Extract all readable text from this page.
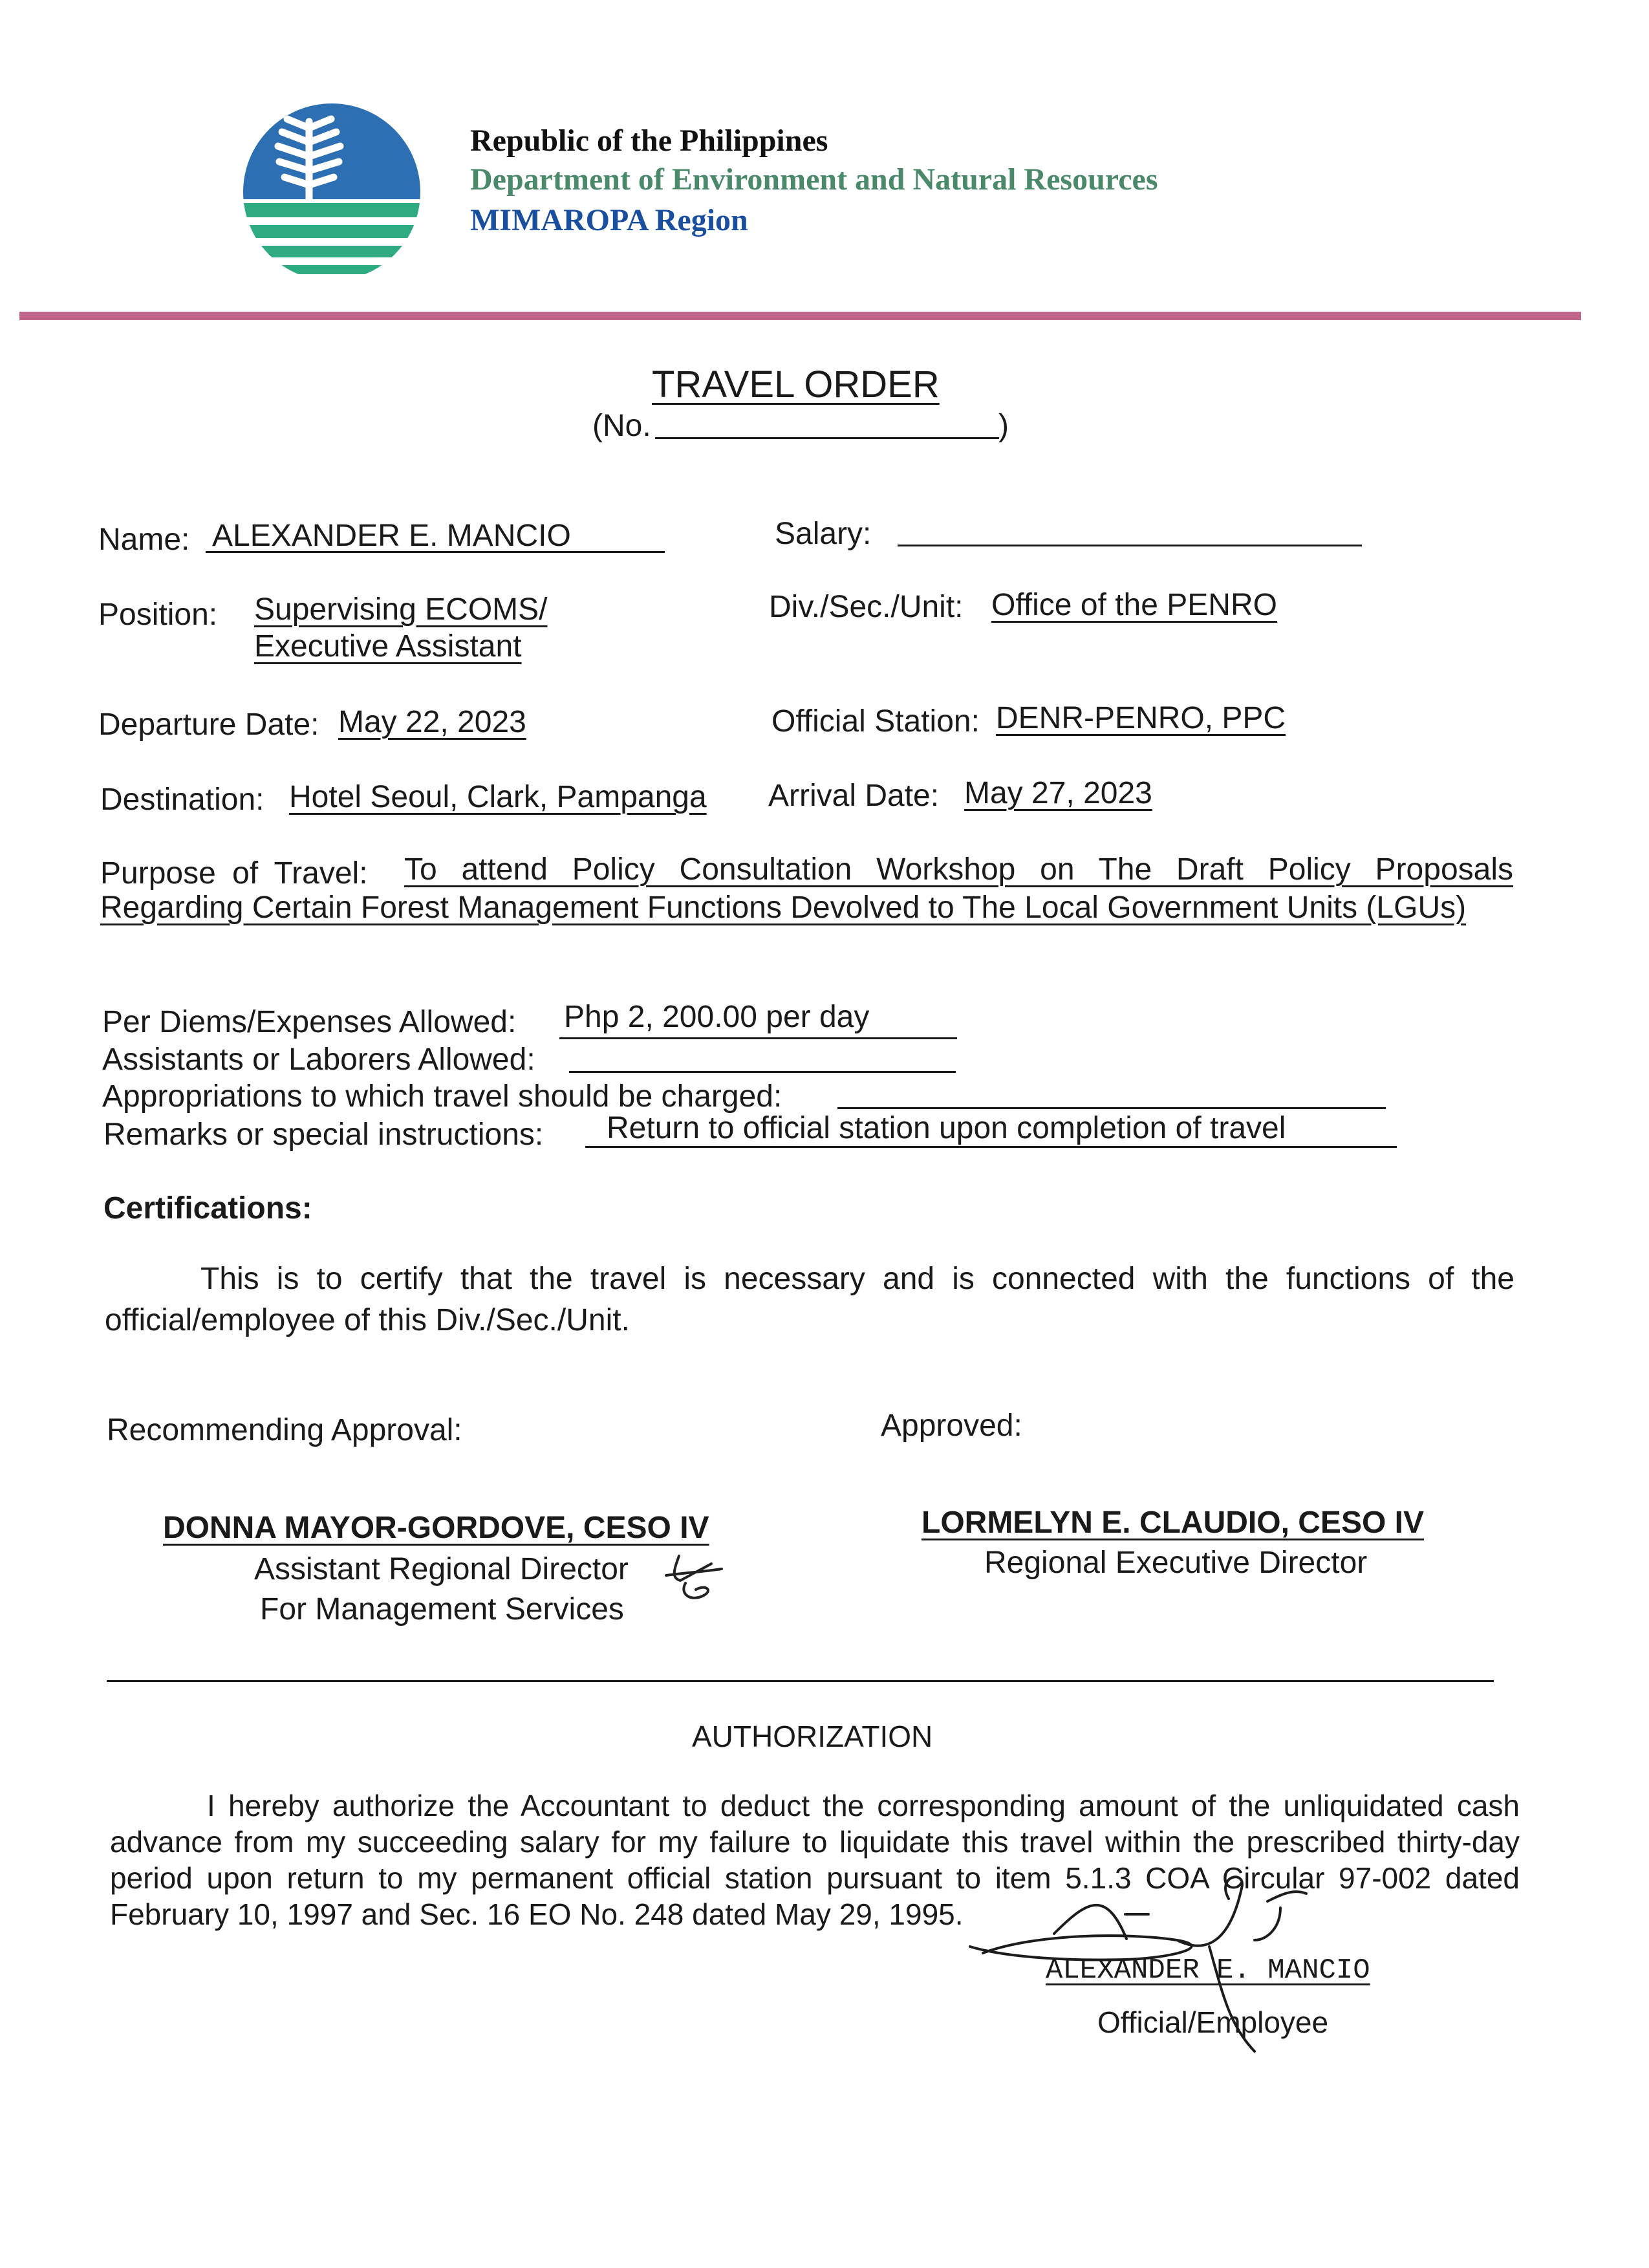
Republic of the Philippines
Department of Environment and Natural Resources
MIMAROPA Region
TRAVEL ORDER
(No.	)
Name: ALEXANDER E. MANCIO	Salary:
Position: Supervising ECOMS/
Executive Assistant
Div./Sec./Unit: Office of the PENRO
Departure Date: May 22, 2023	Official Station: DENR-PENRO, PPC
Destination: Hotel Seoul, Clark, Pampanga Arrival Date: May 27, 2023
Purpose of Travel:	To attend Policy Consultation Workshop on The Draft Policy Proposals Regarding Certain Forest Management Functions Devolved to The Local Government Units (LGUs)
Per Diems/Expenses Allowed: Php 2, 200.00 per day
Assistants or Laborers Allowed:
Appropriations to which travel should be charged:
Remarks or special instructions: Return to official station upon completion of travel
Certifications:
This is to certify that the travel is necessary and is connected with the functions of the official/employee of this Div./Sec./Unit.
Recommending Approval:	Approved:
DONNA MAYOR-GORDOVE, CESO IV
Assistant Regional Director
For Management Services
LORMELYN E. CLAUDIO, CESO IV
Regional Executive Director
AUTHORIZATION
I hereby authorize the Accountant to deduct the corresponding amount of the unliquidated cash advance from my succeeding salary for my failure to liquidate this travel within the prescribed thirty-day period upon return to my permanent official station pursuant to item 5.1.3 COA Circular 97-002 dated February 10, 1997 and Sec. 16 EO No. 248 dated May 29, 1995.
ALEXANDER E. MANCIO
Official/Employee
